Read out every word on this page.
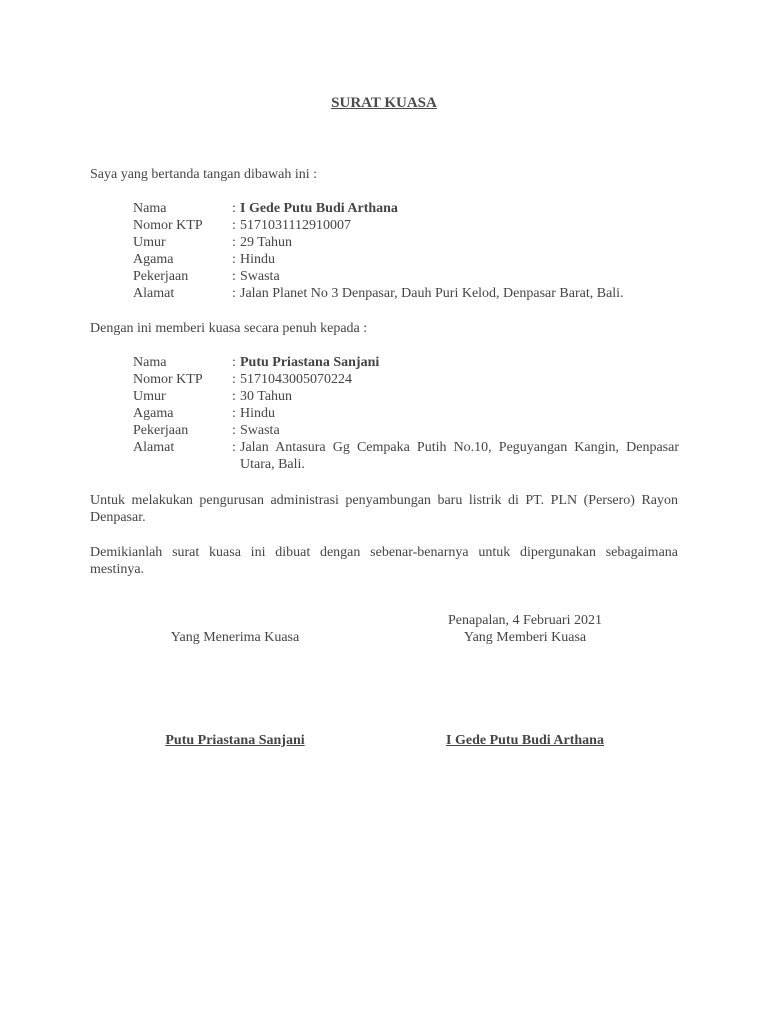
SURAT KUASA
Saya yang bertanda tangan dibawah ini :
Nama	: I Gede Putu Budi Arthana
Nomor KTP	: 5171031112910007
Umur	: 29 Tahun
Agama	: Hindu
Pekerjaan	: Swasta
Alamat	: Jalan Planet No 3 Denpasar, Dauh Puri Kelod, Denpasar Barat, Bali.
Dengan ini memberi kuasa secara penuh kepada :
Nama	: Putu Priastana Sanjani
Nomor KTP	: 5171043005070224
Umur	: 30 Tahun
Agama	: Hindu
Pekerjaan	: Swasta
Alamat	: Jalan Antasura Gg Cempaka Putih No.10, Peguyangan Kangin, Denpasar Utara, Bali.
Untuk melakukan pengurusan administrasi penyambungan baru listrik di PT. PLN (Persero) Rayon Denpasar.
Demikianlah surat kuasa ini dibuat dengan sebenar-benarnya untuk dipergunakan sebagaimana mestinya.
Penapalan, 4 Februari 2021
Yang Menerima Kuasa	Yang Memberi Kuasa
Putu Priastana Sanjani	I Gede Putu Budi Arthana
